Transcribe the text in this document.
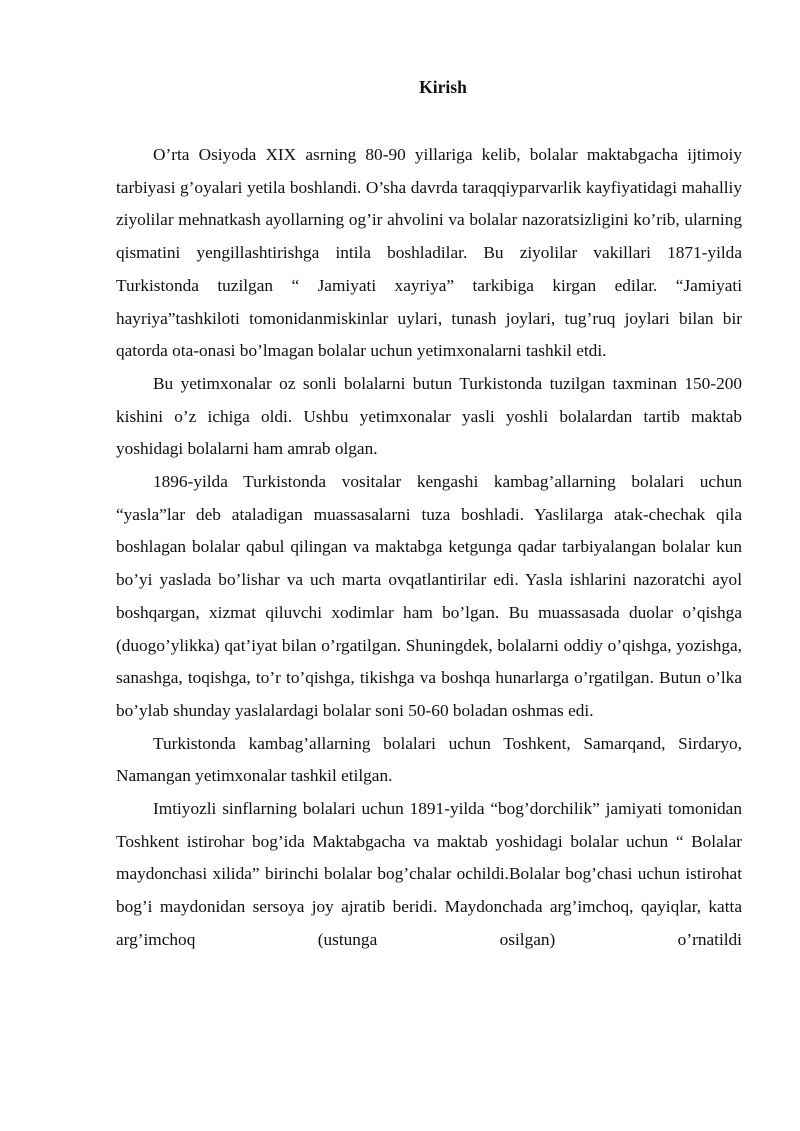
Kirish

O’rta Osiyoda XIX asrning 80-90 yillariga kelib, bolalar maktabgacha ijtimoiy tarbiyasi g’oyalari yetila boshlandi. O’sha davrda taraqqiyparvarlik kayfiyatidagi mahalliy ziyolilar mehnatkash ayollarning og’ir ahvolini va bolalar nazoratsizligini ko’rib, ularning qismatini yengillashtirishga intila boshladilar. Bu ziyolilar vakillari 1871-yilda Turkistonda tuzilgan “ Jamiyati xayriya” tarkibiga kirgan edilar. “Jamiyati hayriya”tashkiloti tomonidanmiskinlar uylari, tunash joylari, tug’ruq joylari bilan bir qatorda ota-onasi bo’lmagan bolalar uchun yetimxonalarni tashkil etdi.

Bu yetimxonalar oz sonli bolalarni butun Turkistonda tuzilgan taxminan 150-200 kishini o’z ichiga oldi. Ushbu yetimxonalar yasli yoshli bolalardan tartib maktab yoshidagi bolalarni ham amrab olgan.

1896-yilda Turkistonda vositalar kengashi kambag’allarning bolalari uchun “yasla”lar deb ataladigan muassasalarni tuza boshladi. Yaslilarga atak-chechak qila boshlagan bolalar qabul qilingan va maktabga ketgunga qadar tarbiyalangan bolalar kun bo’yi yaslada bo’lishar va uch marta ovqatlantirilar edi. Yasla ishlarini nazoratchi ayol boshqargan, xizmat qiluvchi xodimlar ham bo’lgan. Bu muassasada duolar o’qishga (duogo’ylikka) qat’iyat bilan o’rgatilgan. Shuningdek, bolalarni oddiy o’qishga, yozishga, sanashga, toqishga, to’r to’qishga, tikishga va boshqa hunarlarga o’rgatilgan. Butun o’lka bo’ylab shunday yaslalardagi bolalar soni 50-60 boladan oshmas edi.

Turkistonda kambag’allarning bolalari uchun Toshkent, Samarqand, Sirdaryo, Namangan yetimxonalar tashkil etilgan.

Imtiyozli sinflarning bolalari uchun 1891-yilda “bog’dorchilik” jamiyati tomonidan Toshkent istirohar bog’ida Maktabgacha va maktab yoshidagi bolalar uchun “ Bolalar maydonchasi xilida” birinchi bolalar bog’chalar ochildi.Bolalar bog’chasi uchun istirohat bog’i maydonidan sersoya joy ajratib beridi. Maydonchada arg’imchoq, qayiqlar, katta arg’imchoq (ustunga osilgan) o’rnatildi
